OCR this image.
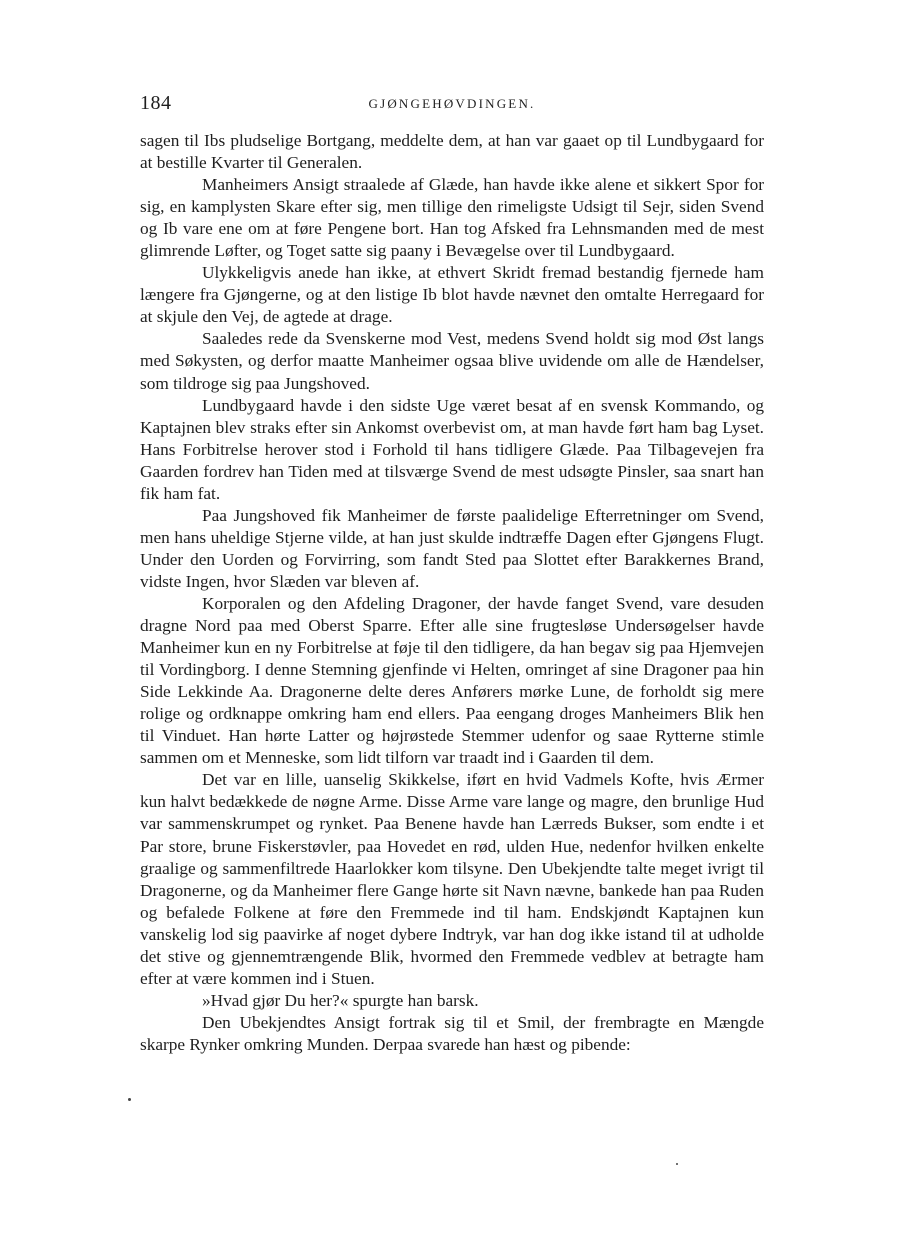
184	GJØNGEHØVDINGEN.

sagen til Ibs pludselige Bortgang, meddelte dem, at han var gaaet op til Lundbygaard for at bestille Kvarter til Generalen.

Manheimers Ansigt straalede af Glæde, han havde ikke alene et sikkert Spor for sig, en kamplysten Skare efter sig, men tillige den rimeligste Udsigt til Sejr, siden Svend og Ib vare ene om at føre Pengene bort. Han tog Afsked fra Lehnsmanden med de mest glimrende Løfter, og Toget satte sig paany i Bevægelse over til Lundbygaard.

Ulykkeligvis anede han ikke, at ethvert Skridt fremad bestandig fjernede ham længere fra Gjøngerne, og at den listige Ib blot havde nævnet den omtalte Herregaard for at skjule den Vej, de agtede at drage.

Saaledes rede da Svenskerne mod Vest, medens Svend holdt sig mod Øst langs med Søkysten, og derfor maatte Manheimer ogsaa blive uvidende om alle de Hændelser, som tildroge sig paa Jungshoved.

Lundbygaard havde i den sidste Uge været besat af en svensk Kommando, og Kaptajnen blev straks efter sin Ankomst overbevist om, at man havde ført ham bag Lyset. Hans Forbitrelse herover stod i Forhold til hans tidligere Glæde. Paa Tilbagevejen fra Gaarden fordrev han Tiden med at tilsværge Svend de mest udsøgte Pinsler, saa snart han fik ham fat.

Paa Jungshoved fik Manheimer de første paalidelige Efterretninger om Svend, men hans uheldige Stjerne vilde, at han just skulde indtræffe Dagen efter Gjøngens Flugt. Under den Uorden og Forvirring, som fandt Sted paa Slottet efter Barakkernes Brand, vidste Ingen, hvor Slæden var bleven af.

Korporalen og den Afdeling Dragoner, der havde fanget Svend, vare desuden dragne Nord paa med Oberst Sparre. Efter alle sine frugtesløse Undersøgelser havde Manheimer kun en ny Forbitrelse at føje til den tidligere, da han begav sig paa Hjemvejen til Vordingborg. I denne Stemning gjenfinde vi Helten, omringet af sine Dragoner paa hin Side Lekkinde Aa. Dragonerne delte deres Anførers mørke Lune, de forholdt sig mere rolige og ordknappe omkring ham end ellers. Paa eengang droges Manheimers Blik hen til Vinduet. Han hørte Latter og højrøstede Stemmer udenfor og saae Rytterne stimle sammen om et Menneske, som lidt tilforn var traadt ind i Gaarden til dem.

Det var en lille, uanselig Skikkelse, iført en hvid Vadmels Kofte, hvis Ærmer kun halvt bedækkede de nøgne Arme. Disse Arme vare lange og magre, den brunlige Hud var sammenskrumpet og rynket. Paa Benene havde han Lærreds Bukser, som endte i et Par store, brune Fiskerstøvler, paa Hovedet en rød, ulden Hue, nedenfor hvilken enkelte graalige og sammenfiltrede Haarlokker kom tilsyne. Den Ubekjendte talte meget ivrigt til Dragonerne, og da Manheimer flere Gange hørte sit Navn nævne, bankede han paa Ruden og befalede Folkene at føre den Fremmede ind til ham. Endskjøndt Kaptajnen kun vanskelig lod sig paavirke af noget dybere Indtryk, var han dog ikke istand til at udholde det stive og gjennemtrængende Blik, hvormed den Fremmede vedblev at betragte ham efter at være kommen ind i Stuen.

»Hvad gjør Du her?« spurgte han barsk.

Den Ubekjendtes Ansigt fortrak sig til et Smil, der frembragte en Mængde skarpe Rynker omkring Munden. Derpaa svarede han hæst og pibende:
